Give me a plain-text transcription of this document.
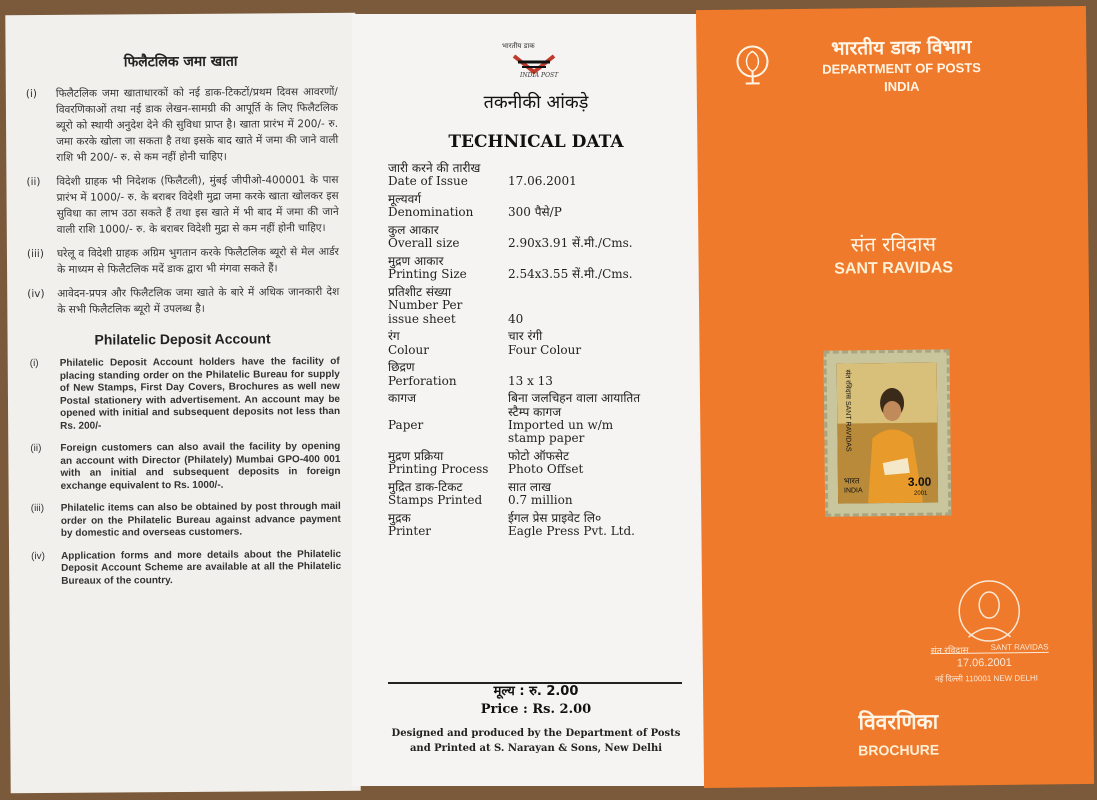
फिलैटलिक जमा खाता
(i)	फिलैटलिक जमा खाताधारकों को नई डाक-टिकटों/प्रथम दिवस आवरणों/विवरणिकाओं तथा नई डाक लेखन-सामग्री की आपूर्ति के लिए फिलैटलिक ब्यूरो को स्थायी अनुदेश देने की सुविधा प्राप्त है। खाता प्रारंभ में 200/- रु. जमा करके खोला जा सकता है तथा इसके बाद खाते में जमा की जाने वाली राशि भी 200/- रु. से कम नहीं होनी चाहिए।
(ii)	विदेशी ग्राहक भी निदेशक (फिलैटली), मुंबई जीपीओ-400001 के पास प्रारंभ में 1000/- रु. के बराबर विदेशी मुद्रा जमा करके खाता खोलकर इस सुविधा का लाभ उठा सकते हैं तथा इस खाते में भी बाद में जमा की जाने वाली राशि 1000/- रु. के बराबर विदेशी मुद्रा से कम नहीं होनी चाहिए।
(iii)	घरेलू व विदेशी ग्राहक अग्रिम भुगतान करके फिलैटलिक ब्यूरो से मेल आर्डर के माध्यम से फिलैटलिक मदें डाक द्वारा भी मंगवा सकते हैं।
(iv)	आवेदन-प्रपत्र और फिलैटलिक जमा खाते के बारे में अधिक जानकारी देश के सभी फिलैटलिक ब्यूरो में उपलब्ध है।
Philatelic Deposit Account
(i)	Philatelic Deposit Account holders have the facility of placing standing order on the Philatelic Bureau for supply of New Stamps, First Day Covers, Brochures as well new Postal stationery with advertisement. An account may be opened with initial and subsequent deposits not less than Rs. 200/-
(ii)	Foreign customers can also avail the facility by opening an account with Director (Philately) Mumbai GPO-400 001 with an initial and subsequent deposits in foreign exchange equivalent to Rs. 1000/-.
(iii)	Philatelic items can also be obtained by post through mail order on the Philatelic Bureau against advance payment by domestic and overseas customers.
(iv)	Application forms and more details about the Philatelic Deposit Account Scheme are available at all the Philatelic Bureaux of the country.
भारतीय डाक
INDIA POST
तकनीकी आंकड़े
TECHNICAL DATA
जारी करने की तारीख
Date of Issue	17.06.2001
मूल्यवर्ग
Denomination	300 पैसे/P
कुल आकार
Overall size	2.90x3.91 सें.मी./Cms.
मुद्रण आकार
Printing Size	2.54x3.55 सें.मी./Cms.
प्रतिशीट संख्या
Number Per
issue sheet	40
रंग	चार रंगी
Colour	Four Colour
छिद्रण
Perforation	13 x 13
कागज	बिना जलचिहन वाला आयातित
स्टैम्प कागज
Paper	Imported un w/m
stamp paper
मुद्रण प्रक्रिया	फोटो ऑफसेट
Printing Process	Photo Offset
मुद्रित डाक-टिकट	सात लाख
Stamps Printed	0.7 million
मुद्रक	ईगल प्रेस प्राइवेट लि०
Printer	Eagle Press Pvt. Ltd.
मूल्य : रु. 2.00
Price : Rs. 2.00
Designed and produced by the Department of Posts
and Printed at S. Narayan & Sons, New Delhi
भारतीय डाक विभाग
DEPARTMENT OF POSTS
INDIA
संत रविदास
SANT RAVIDAS
संत रविदास SANT RAVIDAS
भारत
INDIA
3.00
2001
संत रविदास	SANT RAVIDAS
17.06.2001
नई दिल्ली 110001 NEW DELHI
विवरणिका
BROCHURE
